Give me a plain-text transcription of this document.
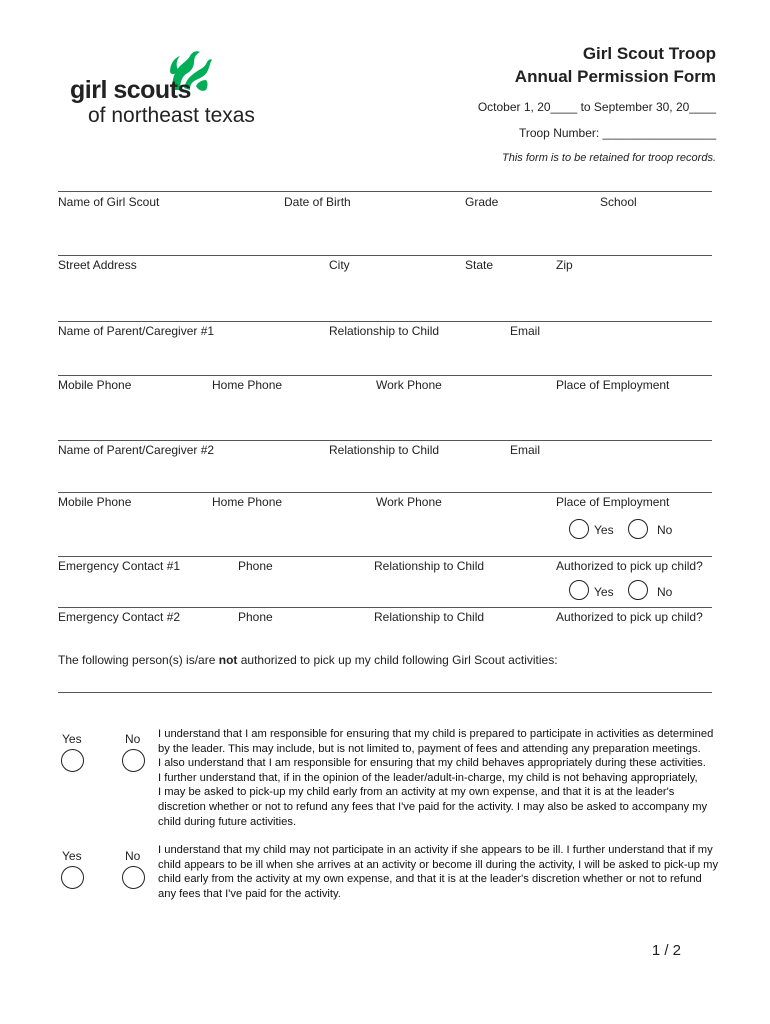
girl scouts
of northeast texas
Girl Scout Troop
Annual Permission Form
October 1, 20____ to September 30, 20____
Troop Number: _________________
This form is to be retained for troop records.
Name of Girl Scout	Date of Birth	Grade	School
Street Address	City	State	Zip
Name of Parent/Caregiver #1	Relationship to Child	Email
Mobile Phone	Home Phone	Work Phone	Place of Employment
Name of Parent/Caregiver #2	Relationship to Child	Email
Mobile Phone	Home Phone	Work Phone	Place of Employment
Yes	No
Emergency Contact #1	Phone	Relationship to Child	Authorized to pick up child?
Yes	No
Emergency Contact #2	Phone	Relationship to Child	Authorized to pick up child?
The following person(s) is/are not authorized to pick up my child following Girl Scout activities:
Yes	No I understand that I am responsible for ensuring that my child is prepared to participate in activities as determined

by the leader. This may include, but is not limited to, payment of fees and attending any preparation meetings.

I also understand that I am responsible for ensuring that my child behaves appropriately during these activities.

I further understand that, if in the opinion of the leader/adult-in-charge, my child is not behaving appropriately,

I may be asked to pick-up my child early from an activity at my own expense, and that it is at the leader's

discretion whether or not to refund any fees that I've paid for the activity. I may also be asked to accompany my

child during future activities.

Yes	No I understand that my child may not participate in an activity if she appears to be ill. I further understand that if my

child appears to be ill when she arrives at an activity or become ill during the activity, I will be asked to pick-up my

child early from the activity at my own expense, and that it is at the leader's discretion whether or not to refund

any fees that I've paid for the activity.

1 / 2
